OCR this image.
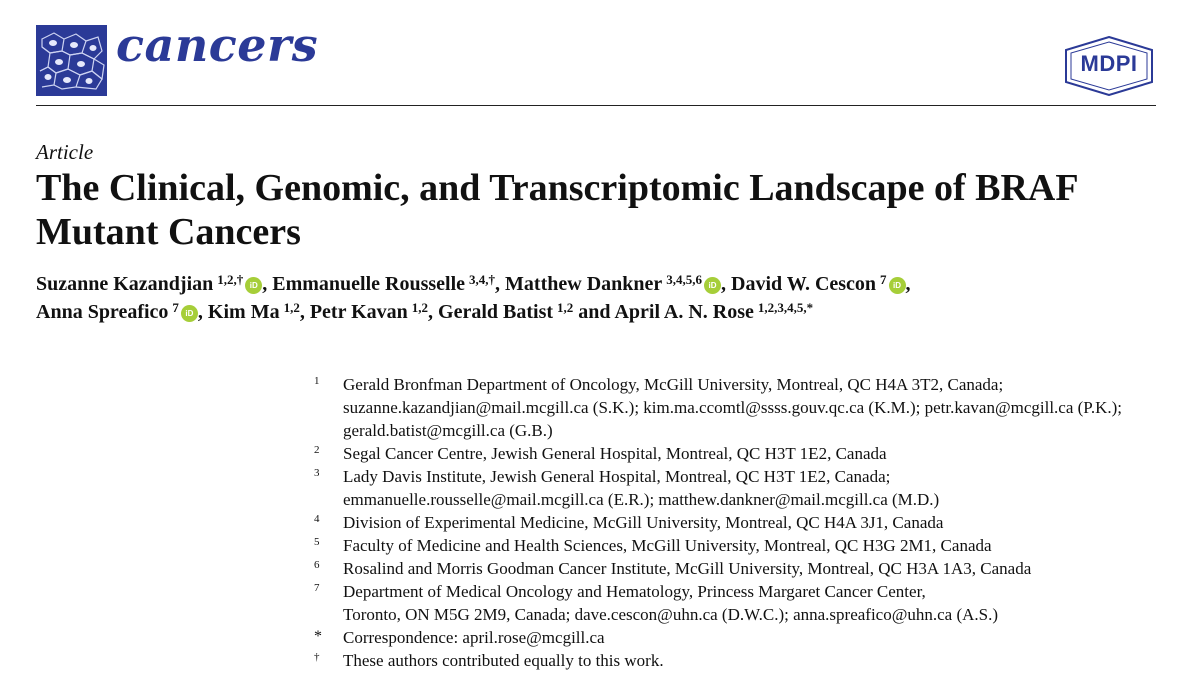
cancers	MDPI
Article
The Clinical, Genomic, and Transcriptomic Landscape of BRAF Mutant Cancers
Suzanne Kazandjian $^{1,2,\dagger}$ iD , Emmanuelle Rousselle $^{3,4,\dagger}$, Matthew Dankner $^{3,4,5,6}$ iD , David W. Cescon $^7$ iD ,
Anna Spreafico $^7$ iD , Kim Ma $^{1,2}$, Petr Kavan $^{1,2}$, Gerald Batist $^{1,2}$ and April A. N. Rose $^{1,2,3,4,5,*}$
1 Gerald Bronfman Department of Oncology, McGill University, Montreal, QC H4A 3T2, Canada;
suzanne.kazandjian@mail.mcgill.ca (S.K.); kim.ma.ccomtl@ssss.gouv.qc.ca (K.M.); petr.kavan@mcgill.ca (P.K.);
gerald.batist@mcgill.ca (G.B.)
2 Segal Cancer Centre, Jewish General Hospital, Montreal, QC H3T 1E2, Canada
3 Lady Davis Institute, Jewish General Hospital, Montreal, QC H3T 1E2, Canada;
emmanuelle.rousselle@mail.mcgill.ca (E.R.); matthew.dankner@mail.mcgill.ca (M.D.)
4 Division of Experimental Medicine, McGill University, Montreal, QC H4A 3J1, Canada
5 Faculty of Medicine and Health Sciences, McGill University, Montreal, QC H3G 2M1, Canada
6 Rosalind and Morris Goodman Cancer Institute, McGill University, Montreal, QC H3A 1A3, Canada
7 Department of Medical Oncology and Hematology, Princess Margaret Cancer Center,
Toronto, ON M5G 2M9, Canada; dave.cescon@uhn.ca (D.W.C.); anna.spreafico@uhn.ca (A.S.)
* Correspondence: april.rose@mcgill.ca
† These authors contributed equally to this work.
